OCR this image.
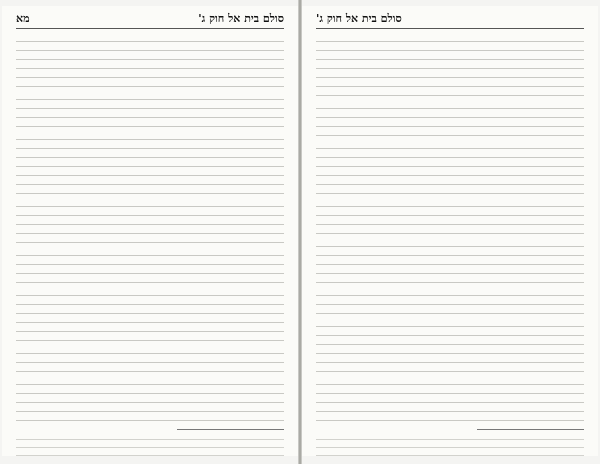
סולם בית אל חוק ג'
מא	סולם בית אל חוק ג'
